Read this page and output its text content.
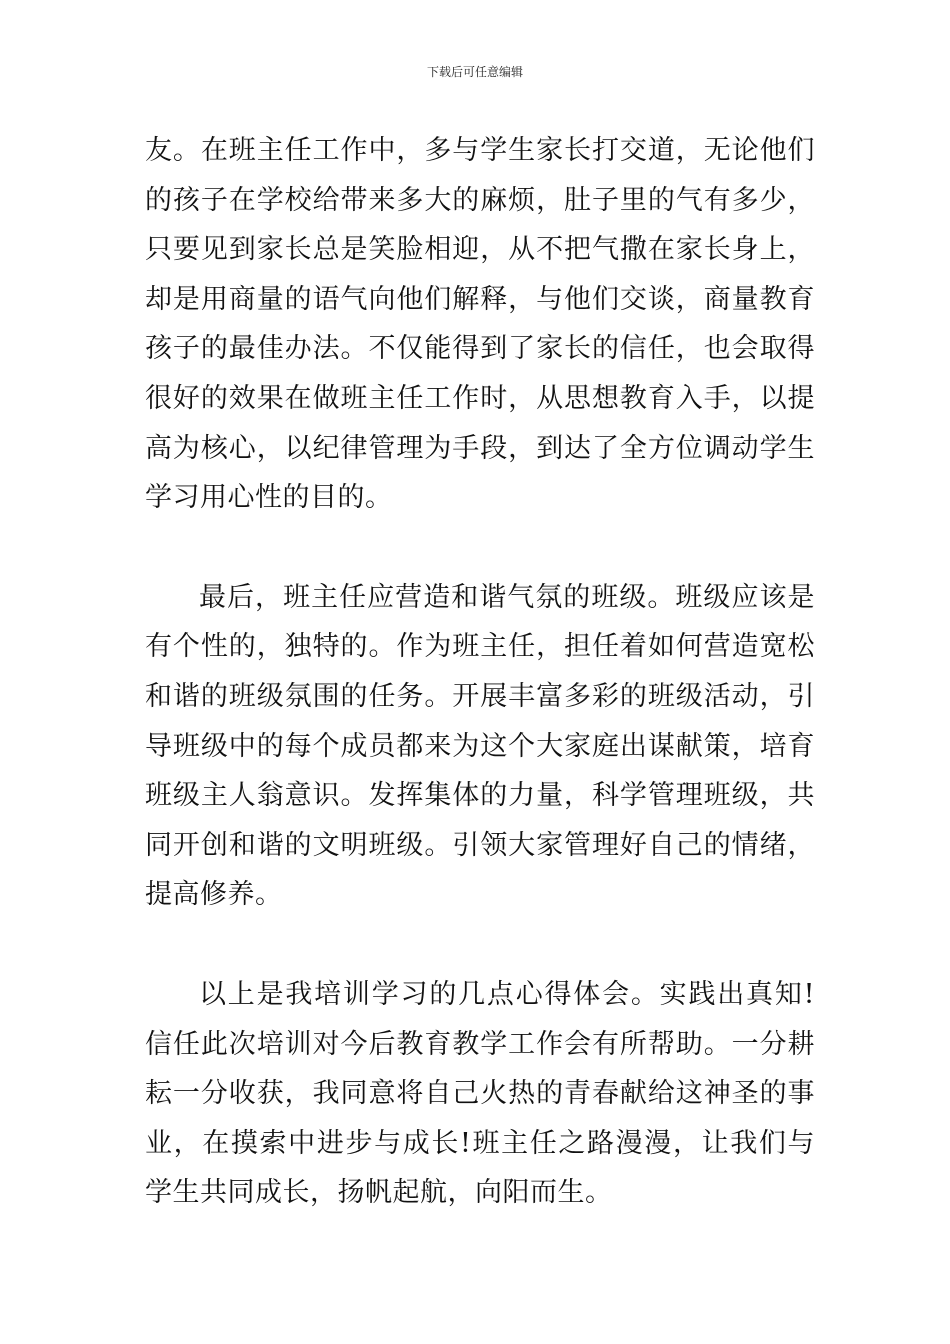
下载后可任意编辑

友。在班主任工作中，多与学生家长打交道，无论他们的孩子在学校给带来多大的麻烦，肚子里的气有多少，只要见到家长总是笑脸相迎，从不把气撒在家长身上，却是用商量的语气向他们解释，与他们交谈，商量教育孩子的最佳办法。不仅能得到了家长的信任，也会取得很好的效果在做班主任工作时，从思想教育入手，以提高为核心，以纪律管理为手段，到达了全方位调动学生学习用心性的目的。

最后，班主任应营造和谐气氛的班级。班级应该是有个性的，独特的。作为班主任，担任着如何营造宽松和谐的班级氛围的任务。开展丰富多彩的班级活动，引导班级中的每个成员都来为这个大家庭出谋献策，培育班级主人翁意识。发挥集体的力量，科学管理班级，共同开创和谐的文明班级。引领大家管理好自己的情绪，提高修养。

以上是我培训学习的几点心得体会。实践出真知!信任此次培训对今后教育教学工作会有所帮助。一分耕耘一分收获，我同意将自己火热的青春献给这神圣的事业，在摸索中进步与成长!班主任之路漫漫，让我们与学生共同成长，扬帆起航，向阳而生。
